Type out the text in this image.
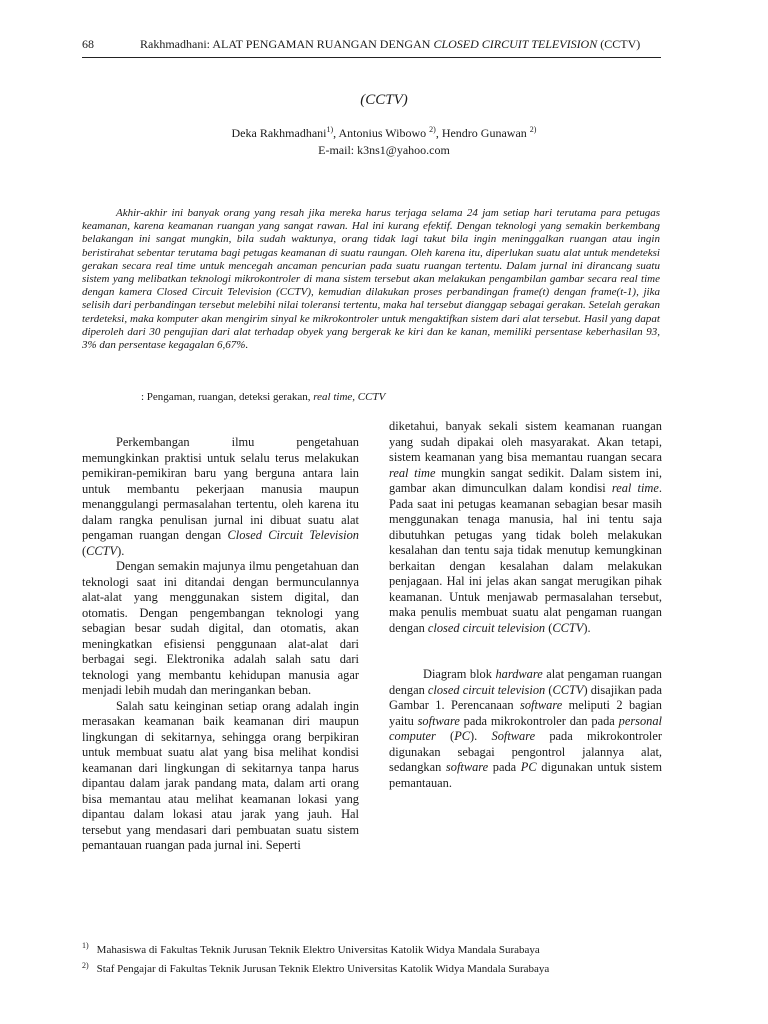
68	Rakhmadhani: ALAT PENGAMAN RUANGAN DENGAN CLOSED CIRCUIT TELEVISION (CCTV)
(CCTV)
Deka Rakhmadhani$^{1)}$, Antonius Wibowo $^{2)}$, Hendro Gunawan $^{2)}$
E-mail: k3ns1@yahoo.com

Akhir-akhir ini banyak orang yang resah jika mereka harus terjaga selama 24 jam setiap hari terutama para petugas keamanan, karena keamanan ruangan yang sangat rawan. Hal ini kurang efektif. Dengan teknologi yang semakin berkembang belakangan ini sangat mungkin, bila sudah waktunya, orang tidak lagi takut bila ingin meninggalkan ruangan atau ingin beristirahat sebentar terutama bagi petugas keamanan di suatu raungan. Oleh karena itu, diperlukan suatu alat untuk mendeteksi gerakan secara real time untuk mencegah ancaman pencurian pada suatu ruangan tertentu. Dalam jurnal ini dirancang suatu sistem yang melibatkan teknologi mikrokontroler di mana sistem tersebut akan melakukan pengambilan gambar secara real time dengan kamera Closed Circuit Television (CCTV), kemudian dilakukan proses perbandingan frame(t) dengan frame(t-1), jika selisih dari perbandingan tersebut melebihi nilai toleransi tertentu, maka hal tersebut dianggap sebagai gerakan. Setelah gerakan terdeteksi, maka komputer akan mengirim sinyal ke mikrokontroler untuk mengaktifkan sistem dari alat tersebut. Hasil yang dapat diperoleh dari 30 pengujian dari alat terhadap obyek yang bergerak ke kiri dan ke kanan, memiliki persentase keberhasilan 93, 3% dan persentase kegagalan 6,67%.

: Pengaman, ruangan, deteksi gerakan, real time, CCTV

Perkembangan ilmu pengetahuan memungkinkan praktisi untuk selalu terus melakukan pemikiran-pemikiran baru yang berguna antara lain untuk membantu pekerjaan manusia maupun menanggulangi permasalahan tertentu, oleh karena itu dalam rangka penulisan jurnal ini dibuat suatu alat pengaman ruangan dengan Closed Circuit Television (CCTV).

Dengan semakin majunya ilmu pengetahuan dan teknologi saat ini ditandai dengan bermunculannya alat-alat yang menggunakan sistem digital, dan otomatis. Dengan pengembangan teknologi yang sebagian besar sudah digital, dan otomatis, akan meningkatkan efisiensi penggunaan alat-alat dari berbagai segi. Elektronika adalah salah satu dari teknologi yang membantu kehidupan manusia agar menjadi lebih mudah dan meringankan beban.

Salah satu keinginan setiap orang adalah ingin merasakan keamanan baik keamanan diri maupun lingkungan di sekitarnya, sehingga orang berpikiran untuk membuat suatu alat yang bisa melihat kondisi keamanan dari lingkungan di sekitarnya tanpa harus dipantau dalam jarak pandang mata, dalam arti orang bisa memantau atau melihat keamanan lokasi yang dipantau dalam lokasi atau jarak yang jauh. Hal tersebut yang mendasari dari pembuatan suatu sistem pemantauan ruangan pada jurnal ini. Seperti

diketahui, banyak sekali sistem keamanan ruangan yang sudah dipakai oleh masyarakat. Akan tetapi, sistem keamanan yang bisa memantau ruangan secara real time mungkin sangat sedikit. Dalam sistem ini, gambar akan dimunculkan dalam kondisi real time. Pada saat ini petugas keamanan sebagian besar masih menggunakan tenaga manusia, hal ini tentu saja dibutuhkan petugas yang tidak boleh melakukan kesalahan dan tentu saja tidak menutup kemungkinan berkaitan dengan kesalahan dalam melakukan penjagaan. Hal ini jelas akan sangat merugikan pihak keamanan. Untuk menjawab permasalahan tersebut, maka penulis membuat suatu alat pengaman ruangan dengan closed circuit television (CCTV).

Diagram blok hardware alat pengaman ruangan dengan closed circuit television (CCTV) disajikan pada Gambar 1. Perencanaan software meliputi 2 bagian yaitu software pada mikrokontroler dan pada personal computer (PC). Software pada mikrokontroler digunakan sebagai pengontrol jalannya alat, sedangkan software pada PC digunakan untuk sistem pemantauan.

$^{1)}$ Mahasiswa di Fakultas Teknik Jurusan Teknik Elektro Universitas Katolik Widya Mandala Surabaya
$^{2)}$ Staf Pengajar di Fakultas Teknik Jurusan Teknik Elektro Universitas Katolik Widya Mandala Surabaya
